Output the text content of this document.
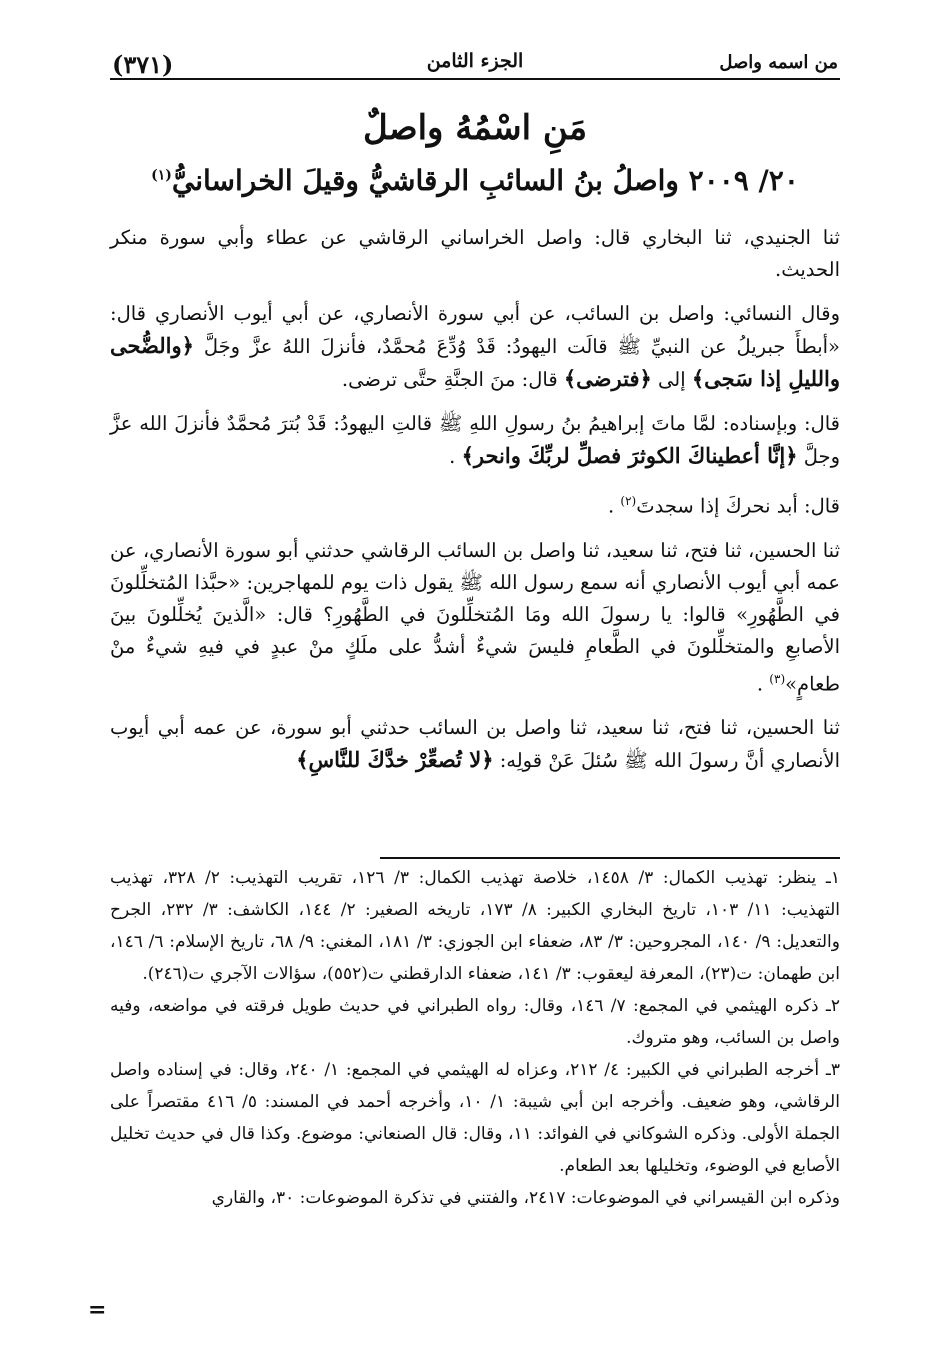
(٣٧١)	الجزء الثامن	من اسمه واصل
مَنِ اسْمُهُ واصلٌ
٢٠/ ٢٠٠٩ واصلُ بنُ السائبِ الرقاشيُّ وقيلَ الخراسانيُّ$^{(١)}$

ثنا الجنيدي، ثنا البخاري قال: واصل الخراساني الرقاشي عن عطاء وأبي سورة منكر الحديث.

وقال النسائي: واصل بن السائب، عن أبي سورة الأنصاري، عن أبي أيوب الأنصاري قال: «أبطأَ جبريلُ عن النبيِّ ﷺ قالَت اليهودُ: قَدْ وُدِّعَ مُحمَّدٌ، فأنزلَ اللهُ عزَّ وجَلَّ ﴿والضُّحى والليلِ إذا سَجى﴾ إلى ﴿فترضى﴾ قال: منَ الجنَّةِ حتَّى ترضى.

قال: وبإسناده: لمَّا ماتَ إبراهيمُ بنُ رسولِ اللهِ ﷺ قالتِ اليهودُ: قَدْ بُترَ مُحمَّدٌ فأنزلَ الله عزَّ وجلَّ ﴿إنَّا أعطيناكَ الكوثرَ فصلِّ لربِّكَ وانحر﴾ .

قال: أبد نحركَ إذا سجدتَ$^{(٢)}$ .

ثنا الحسين، ثنا فتح، ثنا سعيد، ثنا واصل بن السائب الرقاشي حدثني أبو سورة الأنصاري، عن عمه أبي أيوب الأنصاري أنه سمع رسول الله ﷺ يقول ذات يوم للمهاجرين: «حبَّذا المُتخلِّلونَ في الطَّهُورِ» قالوا: يا رسولَ الله ومَا المُتخلِّلونَ في الطَّهُورِ؟ قال: «الَّذينَ يُخلِّلونَ بينَ الأصابعِ والمتخلِّلونَ في الطَّعامِ فليسَ شيءٌ أشدُّ على ملَكٍ منْ عبدٍ في فيهِ شيءٌ منْ طعامٍ»$^{(٣)}$ .

ثنا الحسين، ثنا فتح، ثنا سعيد، ثنا واصل بن السائب حدثني أبو سورة، عن عمه أبي أيوب الأنصاري أنَّ رسولَ الله ﷺ سُئلَ عَنْ قولِه: ﴿لا تُصعِّرْ خدَّكَ للنَّاسِ﴾

١ـ ينظر: تهذيب الكمال: ٣/ ١٤٥٨، خلاصة تهذيب الكمال: ٣/ ١٢٦، تقريب التهذيب: ٢/ ٣٢٨، تهذيب التهذيب: ١١/ ١٠٣، تاريخ البخاري الكبير: ٨/ ١٧٣، تاريخه الصغير: ٢/ ١٤٤، الكاشف: ٣/ ٢٣٢، الجرح والتعديل: ٩/ ١٤٠، المجروحين: ٣/ ٨٣، ضعفاء ابن الجوزي: ٣/ ١٨١، المغني: ٩/ ٦٨، تاريخ الإسلام: ٦/ ١٤٦، ابن طهمان: ت(٢٣)، المعرفة ليعقوب: ٣/ ١٤١، ضعفاء الدارقطني ت(٥٥٢)، سؤالات الآجري ت(٢٤٦).

٢ـ ذكره الهيثمي في المجمع: ٧/ ١٤٦، وقال: رواه الطبراني في حديث طويل فرقته في مواضعه، وفيه واصل بن السائب، وهو متروك.

٣ـ أخرجه الطبراني في الكبير: ٤/ ٢١٢، وعزاه له الهيثمي في المجمع: ١/ ٢٤٠، وقال: في إسناده واصل الرقاشي، وهو ضعيف. وأخرجه ابن أبي شيبة: ١/ ١٠، وأخرجه أحمد في المسند: ٥/ ٤١٦ مقتصراً على الجملة الأولى. وذكره الشوكاني في الفوائد: ١١، وقال: قال الصنعاني: موضوع. وكذا قال في حديث تخليل الأصابع في الوضوء، وتخليلها بعد الطعام.

وذكره ابن القيسراني في الموضوعات: ٢٤١٧، والفتني في تذكرة الموضوعات: ٣٠، والقاري

=
